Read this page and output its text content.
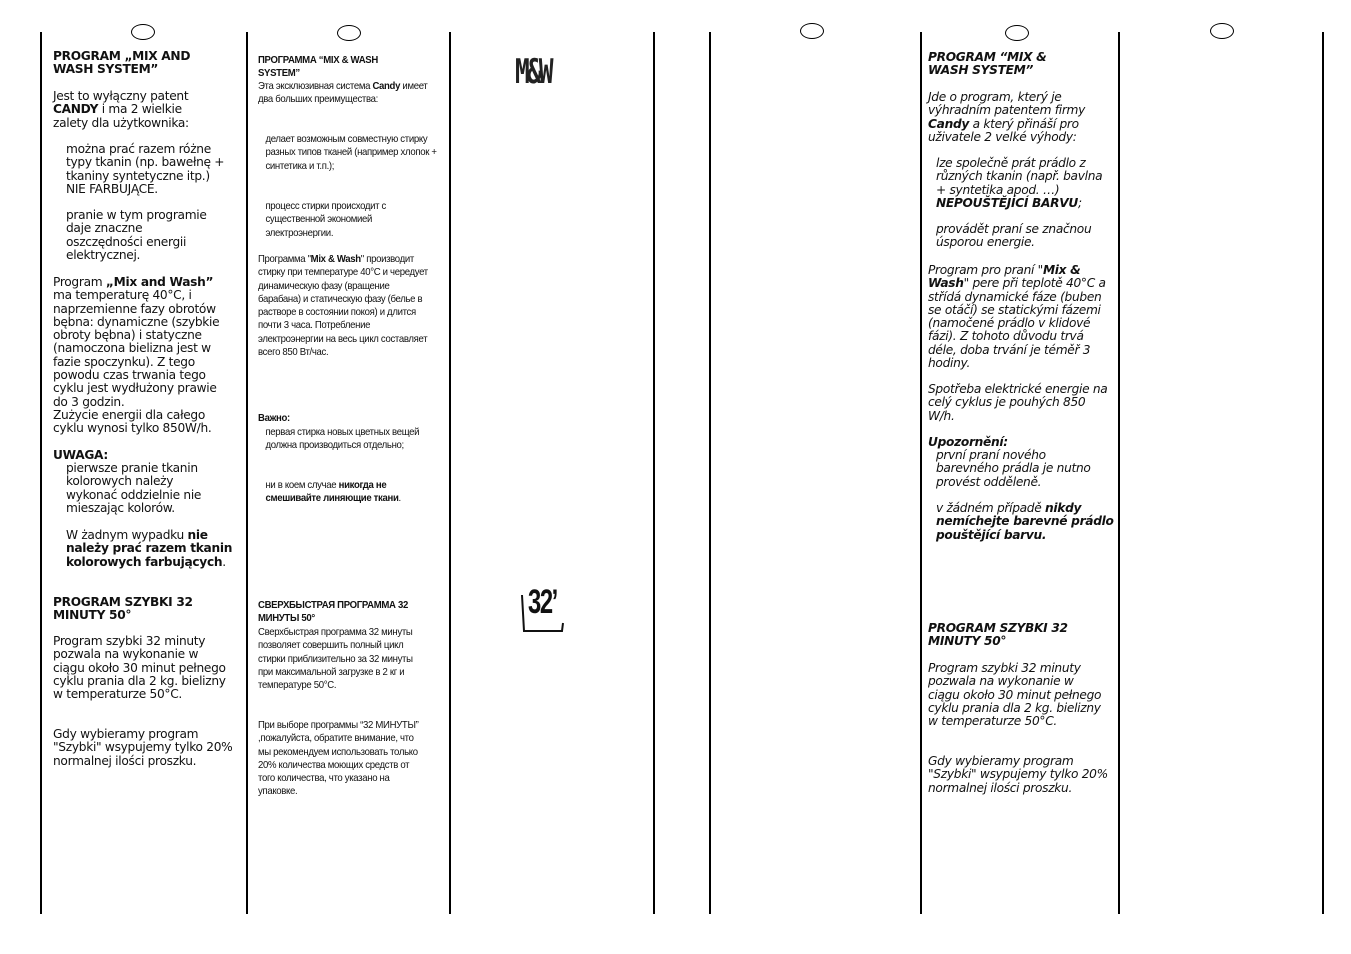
PROGRAM „MIX AND WASH SYSTEM”
Jest to wyłączny patent CANDY i ma 2 wielkie zalety dla użytkownika:
można prać razem różne typy tkanin (np. bawełnę + tkaniny syntetyczne itp.) NIE FARBUJĄCE.
pranie w tym programie daje znaczne oszczędności energii elektrycznej.
Program „Mix and Wash” ma temperaturę 40°C, i naprzemienne fazy obrotów bębna: dynamiczne (szybkie obroty bębna) i statyczne (namoczona bielizna jest w fazie spoczynku). Z tego powodu czas trwania tego cyklu jest wydłużony prawie do 3 godzin.
Zużycie energii dla całego cyklu wynosi tylko 850W/h.
UWAGA:
pierwsze pranie tkanin kolorowych należy wykonać oddzielnie nie mieszając kolorów.
W żadnym wypadku nie należy prać razem tkanin kolorowych farbujących.
PROGRAM SZYBKI 32 MINUTY 50°
Program szybki 32 minuty pozwala na wykonanie w ciągu około 30 minut pełnego cyklu prania dla 2 kg. bielizny w temperaturze 50°C.
Gdy wybieramy program "Szybki" wsypujemy tylko 20% normalnej ilości proszku.
ПРОГРАММА “MIX & WASH SYSTEM”
Эта эксклюзивная система Candy имеет два больших преимущества:
делает возможным совместную стирку разных типов тканей (например хлопок + синтетика и т.п.);
процесс стирки происходит с существенной экономией электроэнергии.
Программа "Mix & Wash" производит стирку при температуре 40°C и чередует динамическую фазу (вращение барабана) и статическую фазу (белье в растворе в состоянии покоя) и длится почти 3 часа. Потребление электроэнергии на весь цикл составляет всего 850 Вт/час.
Важно:
первая стирка новых цветных вещей должна производиться отдельно;
ни в коем случае никогда не смешивайте линяющие ткани.
СВЕРХБЫСТРАЯ ПРОГРАММА 32 МИНУТЫ 50°
Сверхбыстрая программа 32 минуты позволяет совершить полный цикл стирки приблизительно за 32 минуты при максимальной загрузке в 2 кг и температуре 50°С.
При выборе программы “32 МИНУТЫ” ,пожалуйста, обратите внимание, что мы рекомендуем использовать только 20% количества моющих средств от того количества, что указано на упаковке.
M&W
32’
PROGRAM “MIX & WASH SYSTEM”
Jde o program, který je výhradním patentem firmy Candy a který přináší pro uživatele 2 velké výhody:
lze společně prát prádlo z různých tkanin (např. bavlna + syntetika apod. …) NEPOUŠTĚJÍCÍ BARVU;
provádět praní se značnou úsporou energie.
Program pro praní "Mix & Wash" pere při teplotě 40°C a střídá dynamické fáze (buben se otáčí) se statickými fázemi (namočené prádlo v klidové fázi). Z tohoto důvodu trvá déle, doba trvání je téměř 3 hodiny.
Spotřeba elektrické energie na celý cyklus je pouhých 850 W/h.
Upozornění:
první praní nového barevného prádla je nutno provést odděleně.
v žádném případě nikdy nemíchejte barevné prádlo pouštějící barvu.
PROGRAM SZYBKI 32 MINUTY 50°
Program szybki 32 minuty pozwala na wykonanie w ciągu około 30 minut pełnego cyklu prania dla 2 kg. bielizny w temperaturze 50°C.
Gdy wybieramy program "Szybki" wsypujemy tylko 20% normalnej ilości proszku.
